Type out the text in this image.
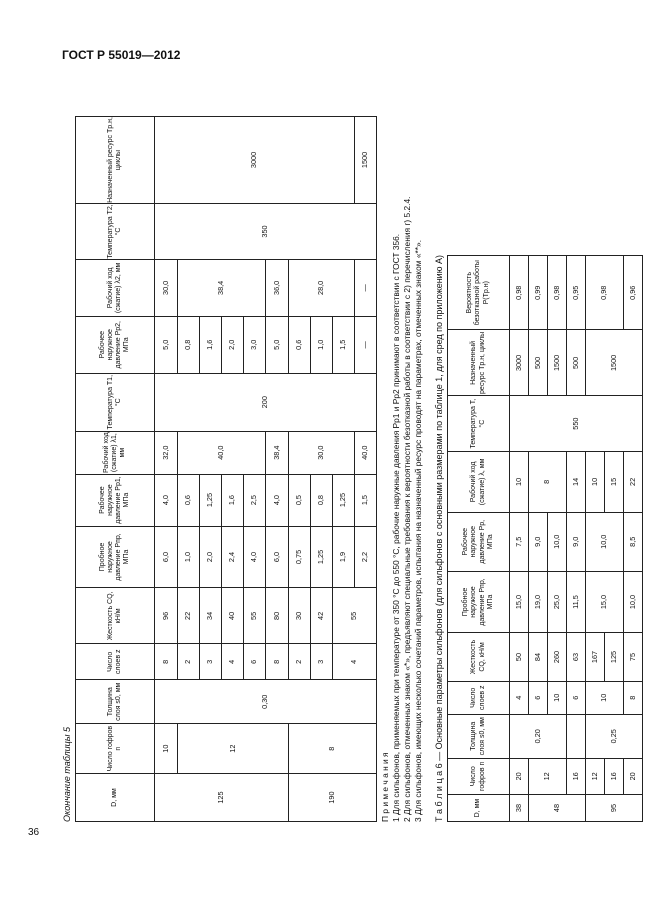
ГОСТ Р 55019—2012
Окончание таблицы 5	D, мм	Число гофров n	Толщина слоя s0, мм	Число слоев z	Жесткость CQ, кН/м	Пробное наружное давление Pпр, МПа	Рабочее наружное давление Pр1, МПа	Рабочий ход (сжатие) λ1, мм	Температура T1, °С	Рабочее наружное давление Pр2, МПа	Рабочий ход (сжатие) λ2, мм	Температура T2, °С	Назначенный ресурс Tр.н, циклы
125	10	0,30	8	96	6,0	4,0	32,0	200	5,0	30,0	350	3000
	12		2	22	1,0	0,6	40,0		0,8	38,4		
			3	34	2,0	1,25			1,6			
			4	40	2,4	1,6			2,0			
			6	55	4,0	2,5			3,0			
			8	80	6,0	4,0	38,4		5,0	36,0		
190	8		2	30	0,75	0,5	30,0		0,6	28,0		
			3	42	1,25	0,8			1,0			
			4	55	1,9	1,25			1,5			
					2,2	1,5	40,0		—	—		1500

П р и м е ч а н и я 1 Для сильфонов, применяемых при температуре от 350 °С до 550 °С, рабочие наружные давления Pр1 и Pр2 принимают в соответствии с ГОСТ 356. 2 Для сильфонов, отмеченных знаком «*», предъявляют специальные требования к вероятности безотказной работы в соответствии с 2) перечисления г) 5.2.4. 3 Для сильфонов, имеющих несколько сочетаний параметров, испытания на назначенный ресурс проводят на параметрах, отмеченных знаком «**». Т а б л и ц а 6 — Основные параметры сильфонов (для сильфонов с основными размерами по таблице 1, для сред по приложению А)	D, мм	Число гофров n	Толщина слоя s0, мм	Число слоев z	Жесткость CQ, кН/м	Пробное наружное давление Pпр, МПа	Рабочее наружное давление Pр, МПа	Рабочий ход (сжатие) λ, мм	Температура T, °С	Назначенный ресурс Tр.н, циклы	Вероятность безотказной работы P(Tр.н)
38	20	0,20	4	50	15,0	7,5	10	550	3000	0,98
48	12		6	84	19,0	9,0	8		500	0,99
			10	260	25,0	10,0			1500	0,98
	16		6	63	11,5	9,0	14		500	0,95
95	12	0,25	10	167	15,0	10,0	10		1500	0,98
	16			125			15			
	20		8	75	10,0	8,5	22			0,96
36
